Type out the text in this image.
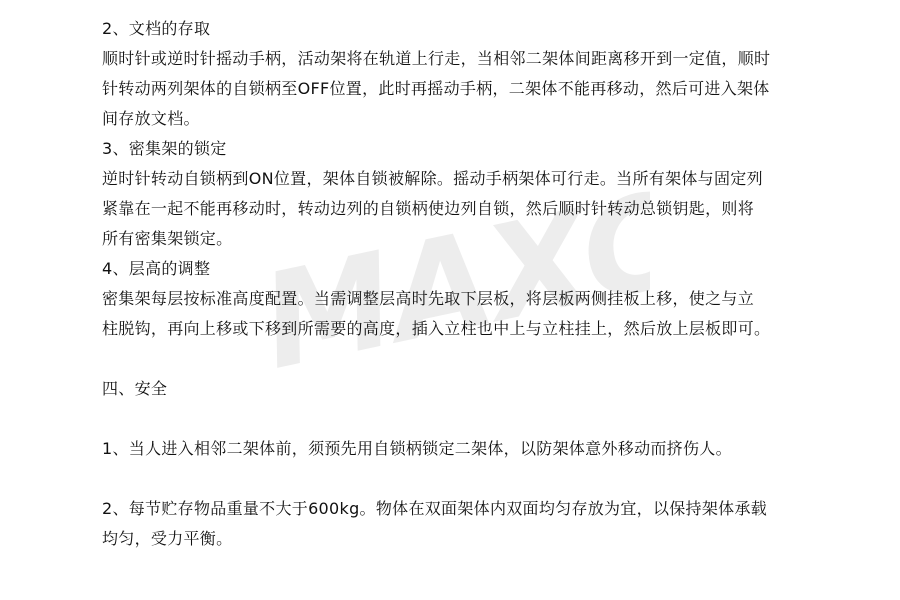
MAXCO
2、文档的存取
顺时针或逆时针摇动手柄，活动架将在轨道上行走，当相邻二架体间距离移开到一定值，顺时
针转动两列架体的自锁柄至OFF位置，此时再摇动手柄，二架体不能再移动，然后可进入架体
间存放文档。
3、密集架的锁定
逆时针转动自锁柄到ON位置，架体自锁被解除。摇动手柄架体可行走。当所有架体与固定列
紧靠在一起不能再移动时，转动边列的自锁柄使边列自锁，然后顺时针转动总锁钥匙，则将
所有密集架锁定。
4、层高的调整
密集架每层按标准高度配置。当需调整层高时先取下层板，将层板两侧挂板上移，使之与立
柱脱钩，再向上移或下移到所需要的高度，插入立柱也中上与立柱挂上，然后放上层板即可。
四、安全
1、当人进入相邻二架体前，须预先用自锁柄锁定二架体，以防架体意外移动而挤伤人。
2、每节贮存物品重量不大于600kg。物体在双面架体内双面均匀存放为宜，以保持架体承载
均匀，受力平衡。
